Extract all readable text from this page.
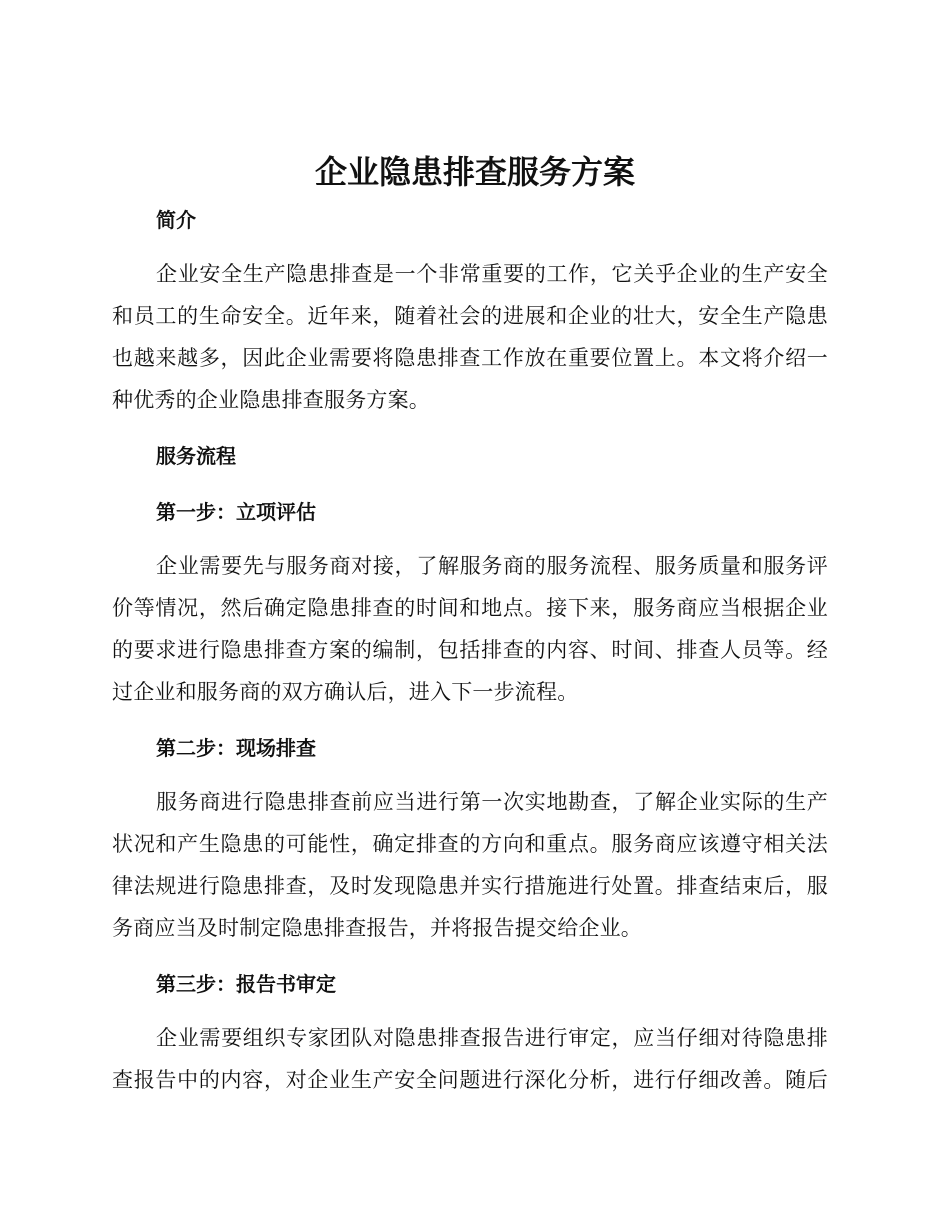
企业隐患排查服务方案
简介
企业安全生产隐患排查是一个非常重要的工作，它关乎企业的生产安全
和员工的生命安全。近年来，随着社会的进展和企业的壮大，安全生产隐患
也越来越多，因此企业需要将隐患排查工作放在重要位置上。本文将介绍一
种优秀的企业隐患排查服务方案。
服务流程
第一步：立项评估
企业需要先与服务商对接，了解服务商的服务流程、服务质量和服务评
价等情况，然后确定隐患排查的时间和地点。接下来，服务商应当根据企业
的要求进行隐患排查方案的编制，包括排查的内容、时间、排查人员等。经
过企业和服务商的双方确认后，进入下一步流程。
第二步：现场排查
服务商进行隐患排查前应当进行第一次实地勘查，了解企业实际的生产
状况和产生隐患的可能性，确定排查的方向和重点。服务商应该遵守相关法
律法规进行隐患排查，及时发现隐患并实行措施进行处置。排查结束后，服
务商应当及时制定隐患排查报告，并将报告提交给企业。
第三步：报告书审定
企业需要组织专家团队对隐患排查报告进行审定，应当仔细对待隐患排
查报告中的内容，对企业生产安全问题进行深化分析，进行仔细改善。随后
